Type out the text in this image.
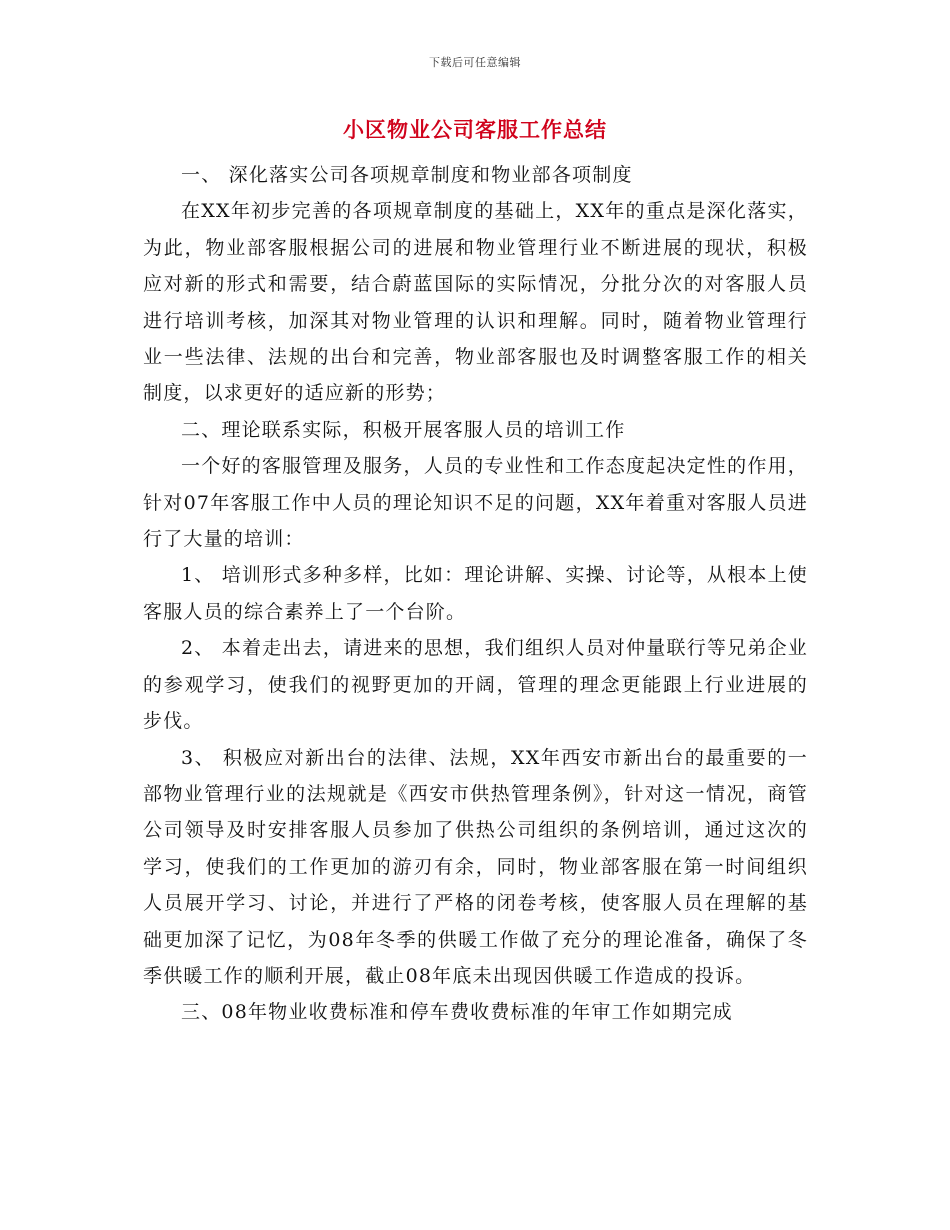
下载后可任意编辑
小区物业公司客服工作总结

一、 深化落实公司各项规章制度和物业部各项制度

在XX年初步完善的各项规章制度的基础上，XX年的重点是深化落实，为此，物业部客服根据公司的进展和物业管理行业不断进展的现状，积极应对新的形式和需要，结合蔚蓝国际的实际情况，分批分次的对客服人员进行培训考核，加深其对物业管理的认识和理解。同时，随着物业管理行业一些法律、法规的出台和完善，物业部客服也及时调整客服工作的相关制度，以求更好的适应新的形势；

二、理论联系实际，积极开展客服人员的培训工作

一个好的客服管理及服务，人员的专业性和工作态度起决定性的作用，针对07年客服工作中人员的理论知识不足的问题，XX年着重对客服人员进行了大量的培训：

1、 培训形式多种多样，比如：理论讲解、实操、讨论等，从根本上使客服人员的综合素养上了一个台阶。

2、 本着走出去，请进来的思想，我们组织人员对仲量联行等兄弟企业的参观学习，使我们的视野更加的开阔，管理的理念更能跟上行业进展的步伐。

3、 积极应对新出台的法律、法规，XX年西安市新出台的最重要的一部物业管理行业的法规就是《西安市供热管理条例》，针对这一情况，商管公司领导及时安排客服人员参加了供热公司组织的条例培训，通过这次的学习，使我们的工作更加的游刃有余，同时，物业部客服在第一时间组织人员展开学习、讨论，并进行了严格的闭卷考核，使客服人员在理解的基础更加深了记忆，为08年冬季的供暖工作做了充分的理论准备，确保了冬季供暖工作的顺利开展，截止08年底未出现因供暖工作造成的投诉。

三、08年物业收费标准和停车费收费标准的年审工作如期完成
